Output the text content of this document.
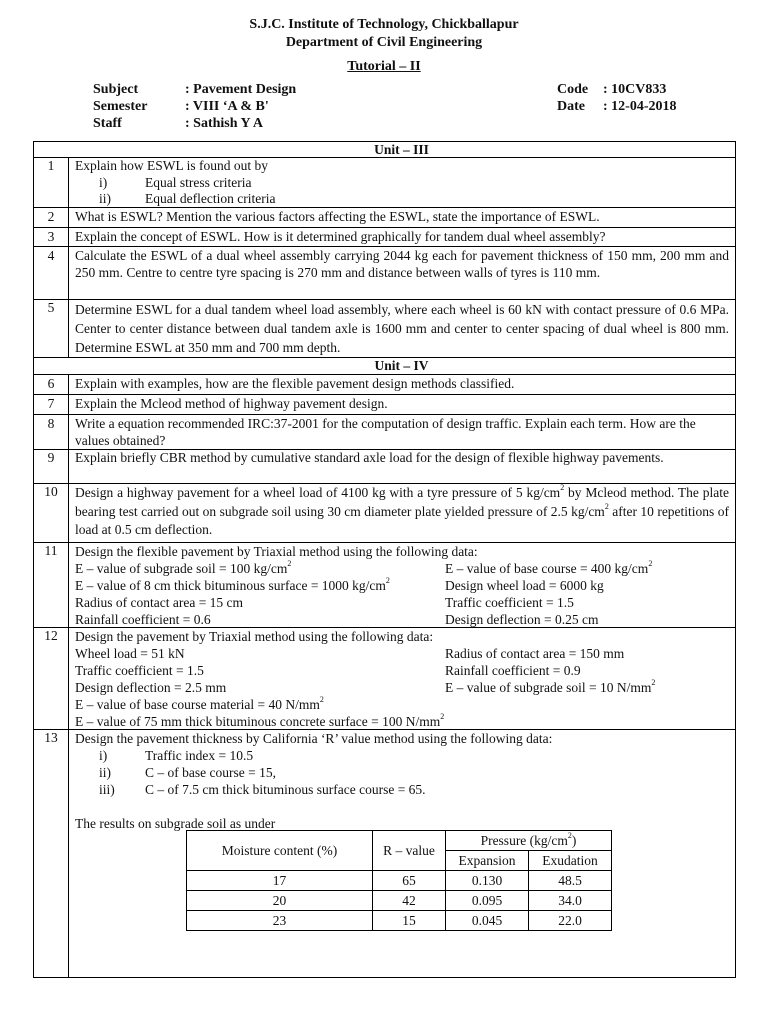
S.J.C. Institute of Technology, Chickballapur
Department of Civil Engineering
Tutorial – II
Subject	: Pavement Design
Semester	: VIII ‘A & B'
Staff	: Sathish Y A
Code : 10CV833
Date : 12-04-2018
Unit – III
1	Explain how ESWL is found out by
i)	Equal stress criteria
ii)	Equal deflection criteria
2	What is ESWL? Mention the various factors affecting the ESWL, state the importance of ESWL.
3	Explain the concept of ESWL. How is it determined graphically for tandem dual wheel assembly?
4	Calculate the ESWL of a dual wheel assembly carrying 2044 kg each for pavement thickness of 150 mm, 200 mm and 250 mm. Centre to centre tyre spacing is 270 mm and distance between walls of tyres is 110 mm.
5	Determine ESWL for a dual tandem wheel load assembly, where each wheel is 60 kN with contact pressure of 0.6 MPa. Center to center distance between dual tandem axle is 1600 mm and center to center spacing of dual wheel is 800 mm. Determine ESWL at 350 mm and 700 mm depth.
Unit – IV
6	Explain with examples, how are the flexible pavement design methods classified.
7	Explain the Mcleod method of highway pavement design.
8	Write a equation recommended IRC:37-2001 for the computation of design traffic. Explain each term. How are the values obtained?
9	Explain briefly CBR method by cumulative standard axle load for the design of flexible highway pavements.
10	Design a highway pavement for a wheel load of 4100 kg with a tyre pressure of 5 $kg/cm^2$ by Mcleod method. The plate bearing test carried out on subgrade soil using 30 cm diameter plate yielded pressure of 2.5 $kg/cm^2$ after 10 repetitions of load at 0.5 cm deflection.
11	Design the flexible pavement by Triaxial method using the following data:
E – value of subgrade soil = 100 $kg/cm^2$	E – value of base course = 400 $kg/cm^2$
E – value of 8 cm thick bituminous surface = 1000 $kg/cm^2$	Design wheel load = 6000 kg
Radius of contact area = 15 cm	Traffic coefficient = 1.5
Rainfall coefficient = 0.6	Design deflection = 0.25 cm
12	Design the pavement by Triaxial method using the following data:
Wheel load = 51 kN	Radius of contact area = 150 mm
Traffic coefficient = 1.5	Rainfall coefficient = 0.9
Design deflection = 2.5 mm	E – value of subgrade soil = 10 $N/mm^2$
E – value of base course material = 40 $N/mm^2$
E – value of 75 mm thick bituminous concrete surface = 100 $N/mm^2$
13	Design the pavement thickness by California ‘R’ value method using the following data:
i)	Traffic index = 10.5
ii)	C – of base course = 15,
iii)	C – of 7.5 cm thick bituminous surface course = 65.
The results on subgrade soil as under
Moisture content (%)	R – value	Pressure $(kg/cm^2)$	
		Expansion	Exudation
17	65	0.130	48.5
20	42	0.095	34.0
23	15	0.045	22.0
